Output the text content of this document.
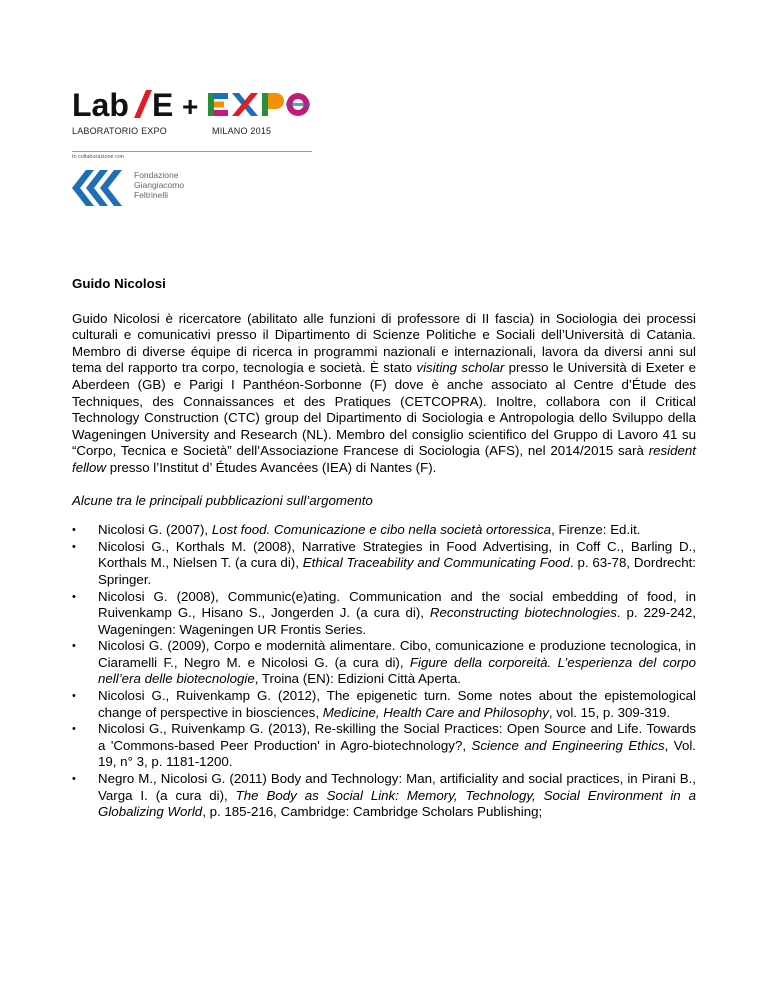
Lab E +
LABORATORIO EXPO	MILANO 2015
In collaborazione con
Fondazione
Giangiacomo
Feltrinelli
Guido Nicolosi

Guido Nicolosi è ricercatore (abilitato alle funzioni di professore di II fascia) in Sociologia dei processi culturali e comunicativi presso il Dipartimento di Scienze Politiche e Sociali dell’Università di Catania. Membro di diverse équipe di ricerca in programmi nazionali e internazionali, lavora da diversi anni sul tema del rapporto tra corpo, tecnologia e società. È stato visiting scholar presso le Università di Exeter e Aberdeen (GB) e Parigi I Panthéon-Sorbonne (F) dove è anche associato al Centre d’Étude des Techniques, des Connaissances et des Pratiques (CETCOPRA). Inoltre, collabora con il Critical Technology Construction (CTC) group del Dipartimento di Sociologia e Antropologia dello Sviluppo della Wageningen University and Research (NL). Membro del consiglio scientifico del Gruppo di Lavoro 41 su “Corpo, Tecnica e Società” dell’Associazione Francese di Sociologia (AFS), nel 2014/2015 sarà resident fellow presso l’Institut d’ Études Avancées (IEA) di Nantes (F).

Alcune tra le principali pubblicazioni sull’argomento

• Nicolosi G. (2007), Lost food. Comunicazione e cibo nella società ortoressica, Firenze: Ed.it.
• Nicolosi G., Korthals M. (2008), Narrative Strategies in Food Advertising, in Coff C., Barling D., Korthals M., Nielsen T. (a cura di), Ethical Traceability and Communicating Food. p. 63-78, Dordrecht: Springer.
• Nicolosi G. (2008), Communic(e)ating. Communication and the social embedding of food, in Ruivenkamp G., Hisano S., Jongerden J. (a cura di), Reconstructing biotechnologies. p. 229-242, Wageningen: Wageningen UR Frontis Series.
• Nicolosi G. (2009), Corpo e modernità alimentare. Cibo, comunicazione e produzione tecnologica, in Ciaramelli F., Negro M. e Nicolosi G. (a cura di), Figure della corporeità. L’esperienza del corpo nell’era delle biotecnologie, Troina (EN): Edizioni Città Aperta.
• Nicolosi G., Ruivenkamp G. (2012), The epigenetic turn. Some notes about the epistemological change of perspective in biosciences, Medicine, Health Care and Philosophy, vol. 15, p. 309-319.
• Nicolosi G., Ruivenkamp G. (2013), Re-skilling the Social Practices: Open Source and Life. Towards a 'Commons-based Peer Production' in Agro-biotechnology?, Science and Engineering Ethics, Vol. 19, n° 3, p. 1181-1200.
• Negro M., Nicolosi G. (2011) Body and Technology: Man, artificiality and social practices, in Pirani B., Varga I. (a cura di), The Body as Social Link: Memory, Technology, Social Environment in a Globalizing World, p. 185-216, Cambridge: Cambridge Scholars Publishing;
